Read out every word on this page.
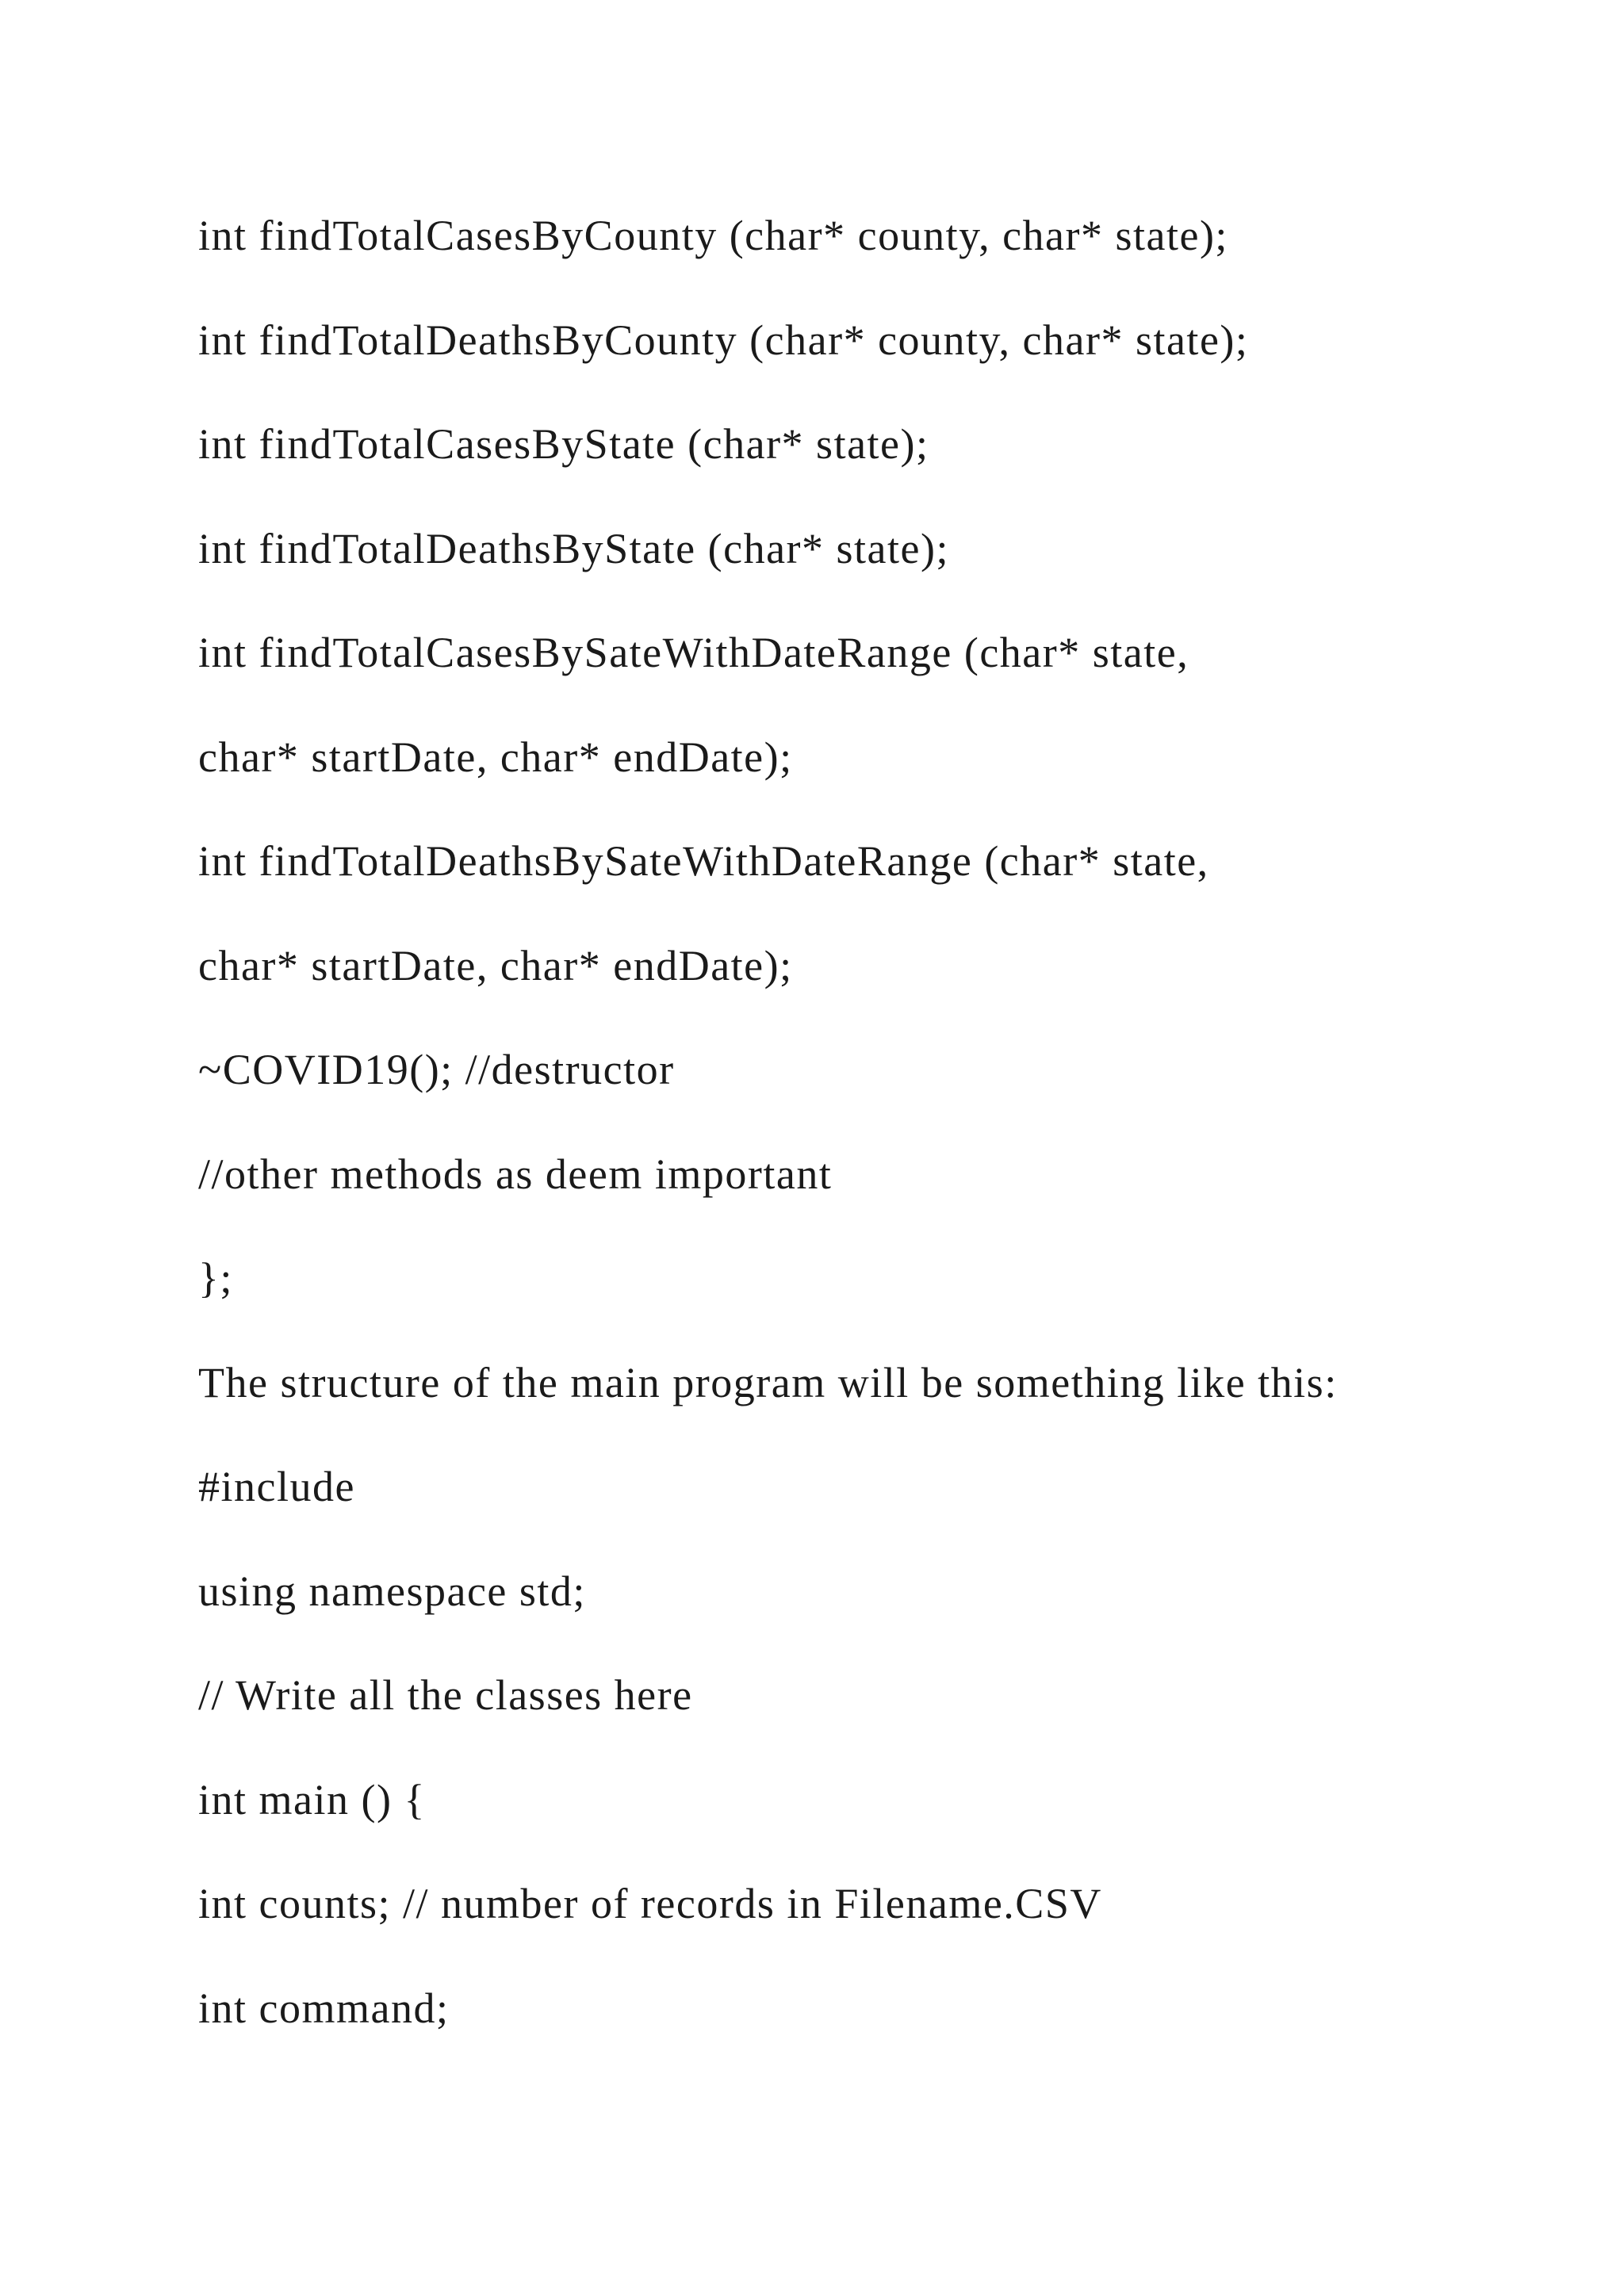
int findTotalCasesByCounty (char* county, char* state);
int findTotalDeathsByCounty (char* county, char* state);
int findTotalCasesByState (char* state);
int findTotalDeathsByState (char* state);
int findTotalCasesBySateWithDateRange (char* state,
char* startDate, char* endDate);
int findTotalDeathsBySateWithDateRange (char* state,
char* startDate, char* endDate);
~COVID19(); //destructor
//other methods as deem important
};
The structure of the main program will be something like this:
#include
using namespace std;
// Write all the classes here
int main () {
int counts; // number of records in Filename.CSV
int command;
